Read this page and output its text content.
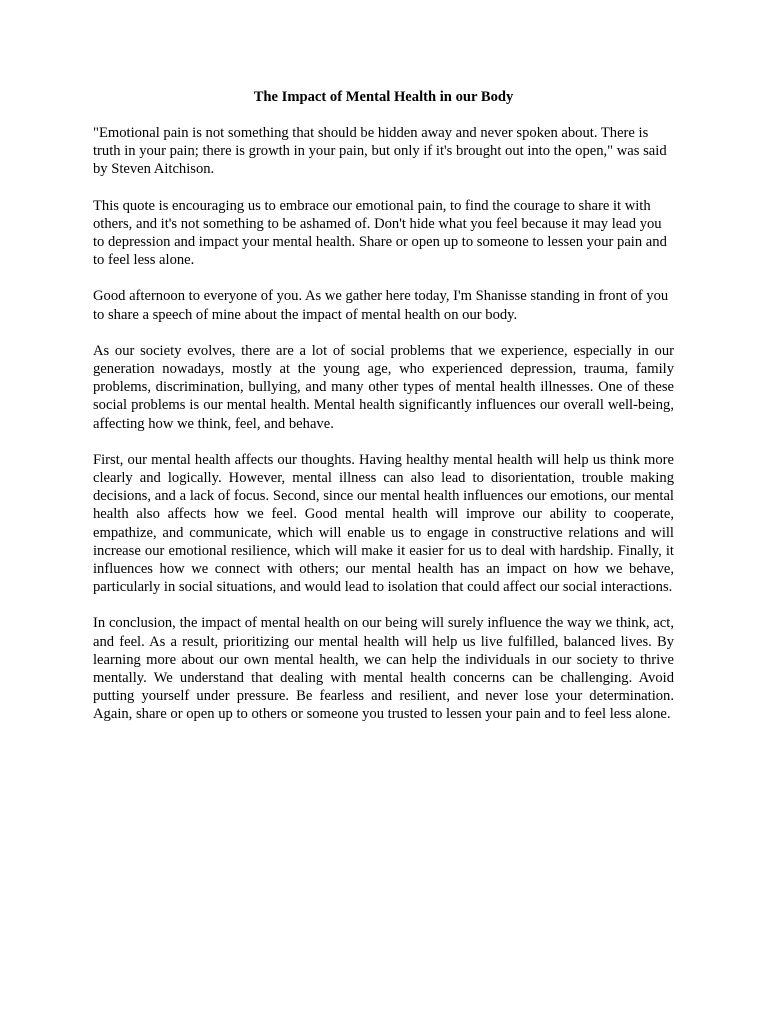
The Impact of Mental Health in our Body

"Emotional pain is not something that should be hidden away and never spoken about. There is truth in your pain; there is growth in your pain, but only if it's brought out into the open," was said by Steven Aitchison.

This quote is encouraging us to embrace our emotional pain, to find the courage to share it with others, and it's not something to be ashamed of. Don't hide what you feel because it may lead you to depression and impact your mental health. Share or open up to someone to lessen your pain and to feel less alone.

Good afternoon to everyone of you. As we gather here today, I'm Shanisse standing in front of you to share a speech of mine about the impact of mental health on our body.

As our society evolves, there are a lot of social problems that we experience, especially in our generation nowadays, mostly at the young age, who experienced depression, trauma, family problems, discrimination, bullying, and many other types of mental health illnesses. One of these social problems is our mental health. Mental health significantly influences our overall well-being, affecting how we think, feel, and behave.

First, our mental health affects our thoughts. Having healthy mental health will help us think more clearly and logically. However, mental illness can also lead to disorientation, trouble making decisions, and a lack of focus. Second, since our mental health influences our emotions, our mental health also affects how we feel. Good mental health will improve our ability to cooperate, empathize, and communicate, which will enable us to engage in constructive relations and will increase our emotional resilience, which will make it easier for us to deal with hardship. Finally, it influences how we connect with others; our mental health has an impact on how we behave, particularly in social situations, and would lead to isolation that could affect our social interactions.

In conclusion, the impact of mental health on our being will surely influence the way we think, act, and feel. As a result, prioritizing our mental health will help us live fulfilled, balanced lives. By learning more about our own mental health, we can help the individuals in our society to thrive mentally. We understand that dealing with mental health concerns can be challenging. Avoid putting yourself under pressure. Be fearless and resilient, and never lose your determination. Again, share or open up to others or someone you trusted to lessen your pain and to feel less alone.
